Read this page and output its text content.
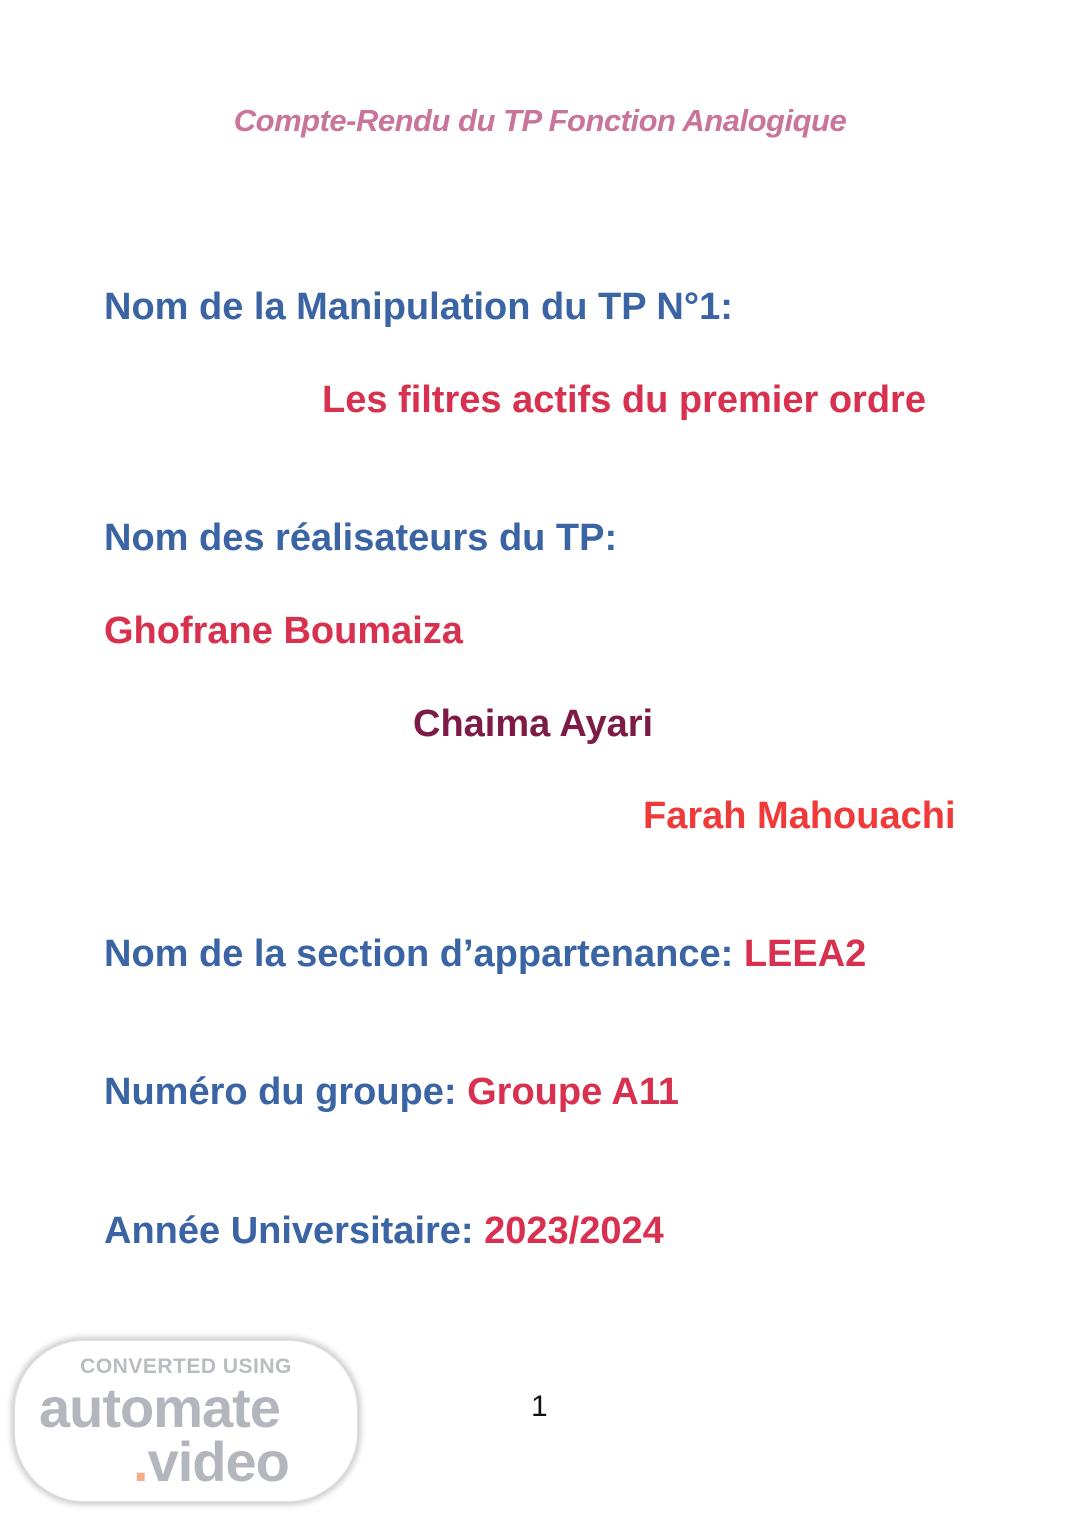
Compte-Rendu du TP Fonction Analogique
Nom de la Manipulation du TP N°1:
Les filtres actifs du premier ordre
Nom des réalisateurs du TP:
Ghofrane Boumaiza
Chaima Ayari
Farah Mahouachi
Nom de la section d’appartenance: LEEA2
Numéro du groupe: Groupe A11
Année Universitaire: 2023/2024
1
CONVERTED USING
automate
.video
